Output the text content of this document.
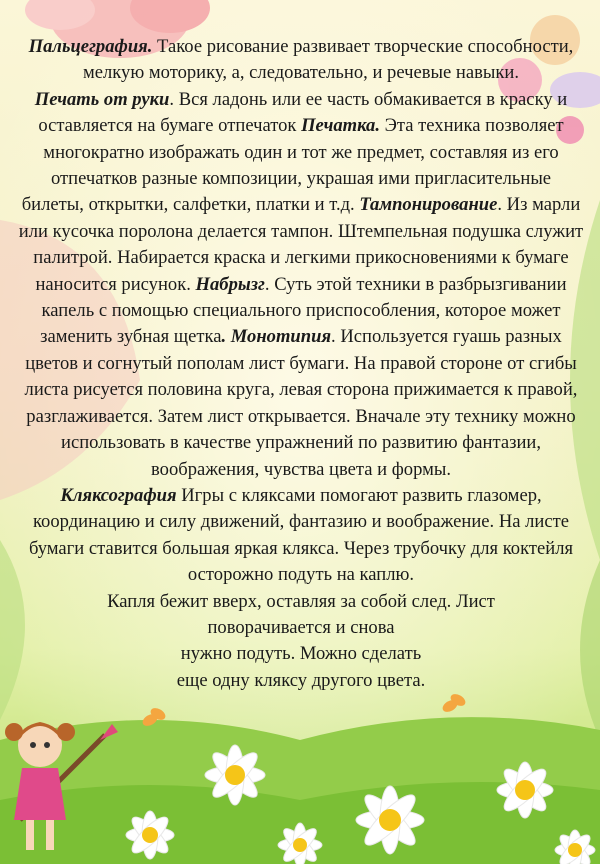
Пальцеграфия. Такое рисование развивает творческие способности, мелкую моторику, а, следовательно, и речевые навыки.

Печать от руки. Вся ладонь или ее часть обмакивается в краску и оставляется на бумаге отпечаток Печатка. Эта техника позволяет многократно изображать один и тот же предмет, составляя из его отпечатков разные композиции, украшая ими пригласительные билеты, открытки, салфетки, платки и т.д. Тампонирование. Из марли или кусочка поролона делается тампон. Штемпельная подушка служит палитрой. Набирается краска и легкими прикосновениями к бумаге наносится рисунок. Набрызг. Суть этой техники в разбрызгивании капель с помощью специального приспособления, которое может заменить зубная щетка. Монотипия. Используется гуашь разных цветов и согнутый пополам лист бумаги. На правой стороне от сгибы листа рисуется половина круга, левая сторона прижимается к правой, разглаживается. Затем лист открывается. Вначале эту технику можно использовать в качестве упражнений по развитию фантазии, воображения, чувства цвета и формы.

Кляксография Игры с кляксами помогают развить глазомер, координацию и силу движений, фантазию и воображение. На листе бумаги ставится большая яркая клякса. Через трубочку для коктейля

осторожно подуть на каплю.

Капля бежит вверх, оставляя за собой след. Лист

поворачивается и снова

нужно подуть. Можно сделать

еще одну кляксу другого цвета.
